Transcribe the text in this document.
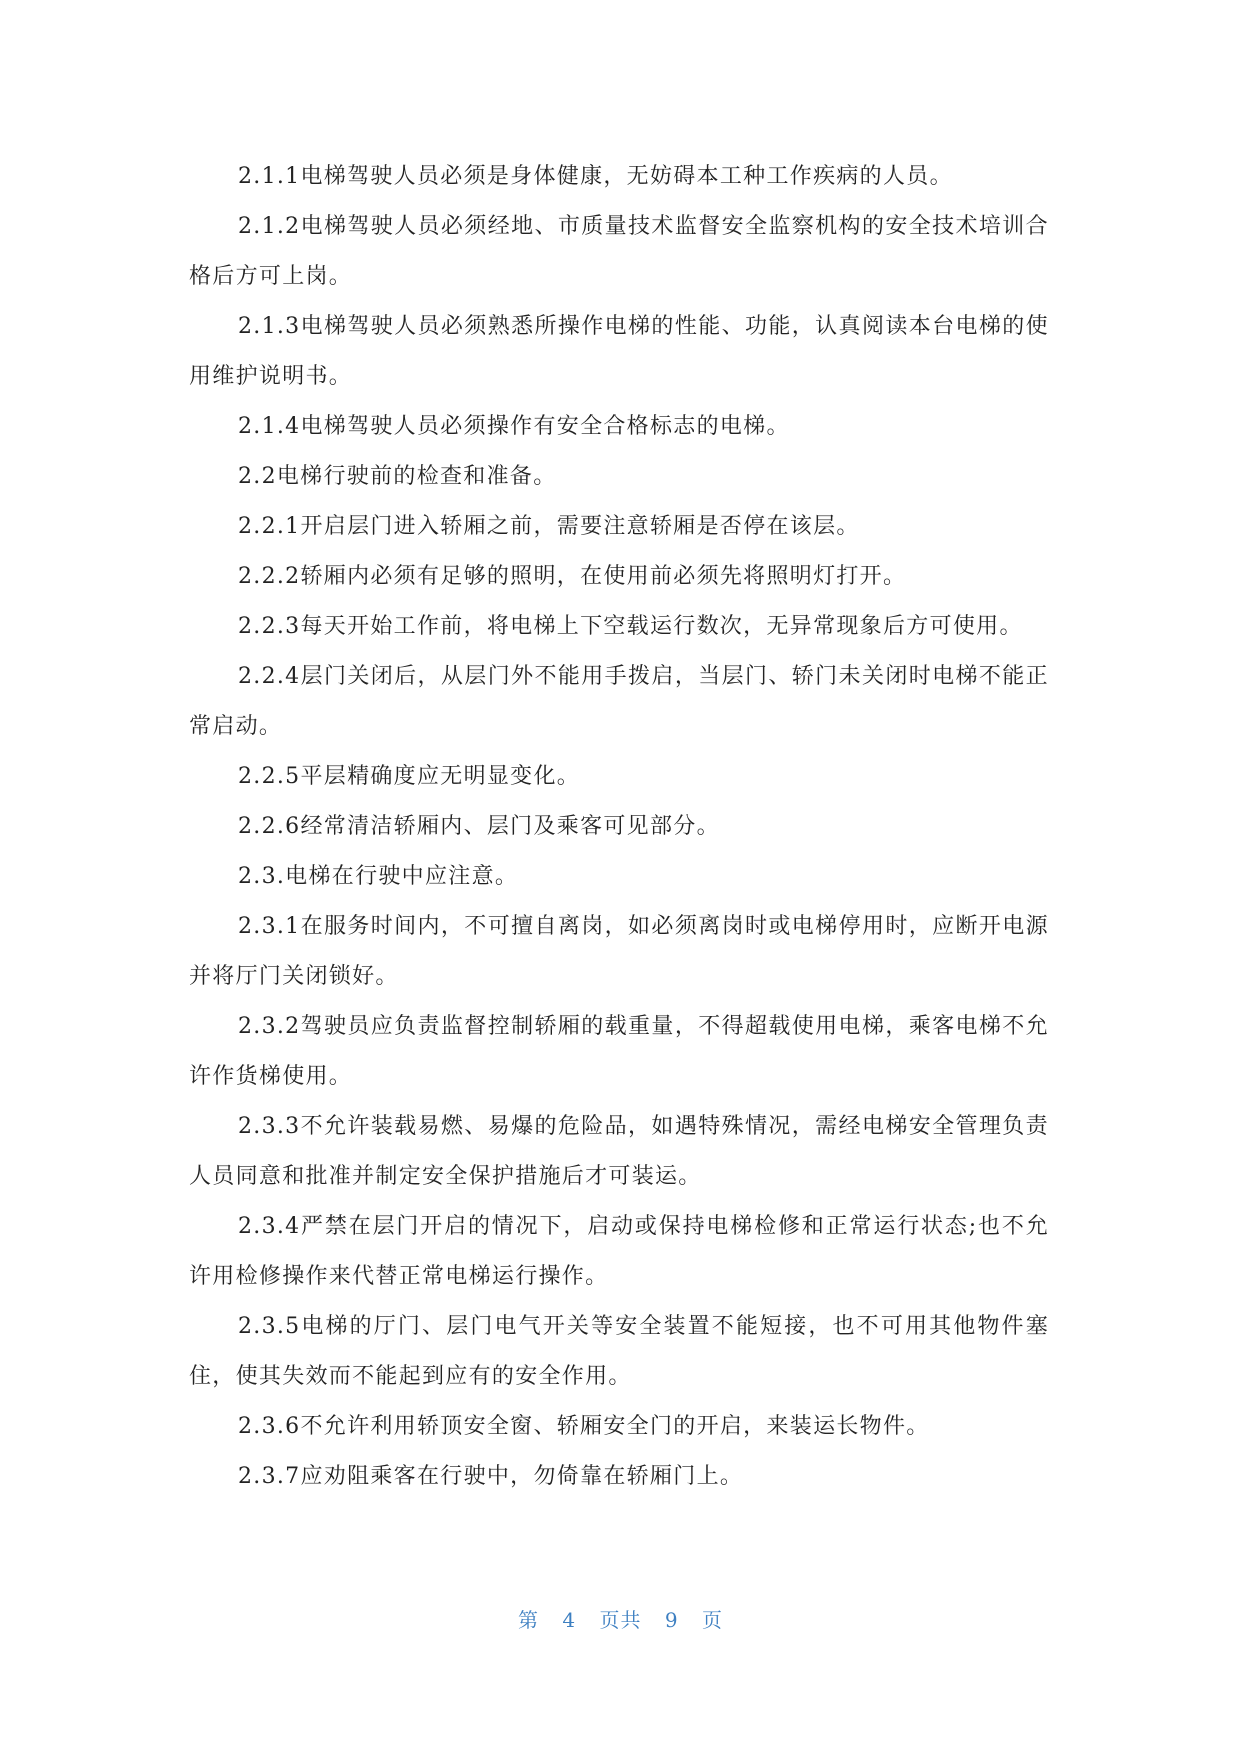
2.1.1电梯驾驶人员必须是身体健康，无妨碍本工种工作疾病的人员。

2.1.2电梯驾驶人员必须经地、市质量技术监督安全监察机构的安全技术培训合格后方可上岗。

2.1.3电梯驾驶人员必须熟悉所操作电梯的性能、功能，认真阅读本台电梯的使用维护说明书。

2.1.4电梯驾驶人员必须操作有安全合格标志的电梯。

2.2电梯行驶前的检查和准备。

2.2.1开启层门进入轿厢之前，需要注意轿厢是否停在该层。

2.2.2轿厢内必须有足够的照明，在使用前必须先将照明灯打开。

2.2.3每天开始工作前，将电梯上下空载运行数次，无异常现象后方可使用。

2.2.4层门关闭后，从层门外不能用手拨启，当层门、轿门未关闭时电梯不能正常启动。

2.2.5平层精确度应无明显变化。

2.2.6经常清洁轿厢内、层门及乘客可见部分。

2.3.电梯在行驶中应注意。

2.3.1在服务时间内，不可擅自离岗，如必须离岗时或电梯停用时，应断开电源并将厅门关闭锁好。

2.3.2驾驶员应负责监督控制轿厢的载重量，不得超载使用电梯，乘客电梯不允许作货梯使用。

2.3.3不允许装载易燃、易爆的危险品，如遇特殊情况，需经电梯安全管理负责人员同意和批准并制定安全保护措施后才可装运。

2.3.4严禁在层门开启的情况下，启动或保持电梯检修和正常运行状态;也不允许用检修操作来代替正常电梯运行操作。

2.3.5电梯的厅门、层门电气开关等安全装置不能短接，也不可用其他物件塞住，使其失效而不能起到应有的安全作用。

2.3.6不允许利用轿顶安全窗、轿厢安全门的开启，来装运长物件。

2.3.7应劝阻乘客在行驶中，勿倚靠在轿厢门上。

第 4 页共 9 页
